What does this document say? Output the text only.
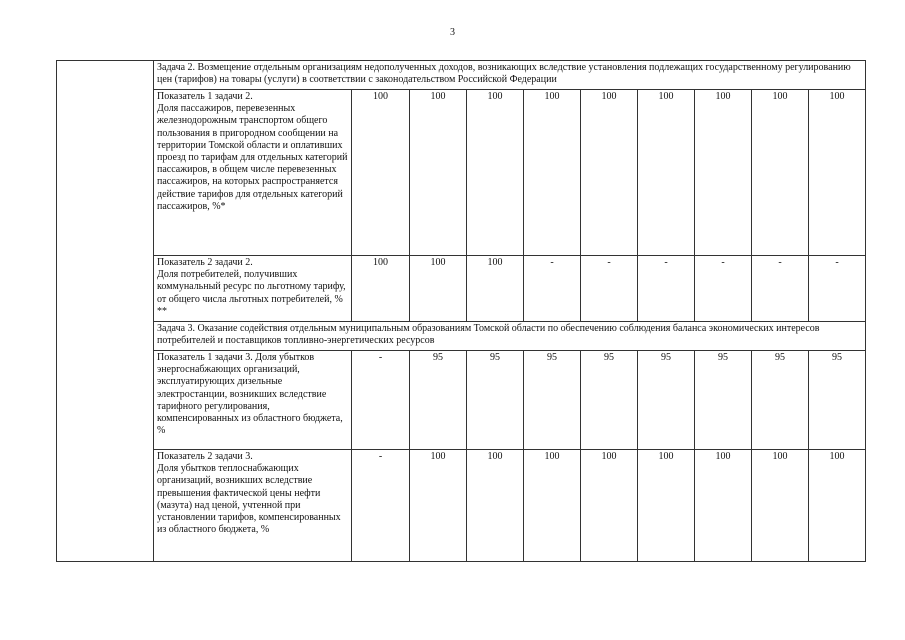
3
	Задача 2. Возмещение отдельным организациям недополученных доходов, возникающих вследствие установления подлежащих государственному регулированию цен (тарифов) на товары (услуги) в соответствии с законодательством Российской Федерации									

	Показатель 1 задачи 2.
Доля пассажиров, перевезенных железнодорожным транспортом общего пользования в пригородном сообщении на территории Томской области и оплативших проезд по тарифам для отдельных категорий пассажиров, в общем числе перевезенных пассажиров, на которых распространяется действие тарифов для отдельных категорий пассажиров, %*	100	100	100	100	100	100	100	100	100

	Показатель 2 задачи 2.
Доля потребителей, получивших коммунальный ресурс по льготному тарифу, от общего числа льготных потребителей, % **	100	100	100	-	-	-	-	-	-
	Задача 3. Оказание содействия отдельным муниципальным образованиям Томской области по обеспечению соблюдения баланса экономических интересов потребителей и поставщиков топливно-энергетических ресурсов									

	Показатель 1 задачи 3. Доля убытков энергоснабжающих организаций, эксплуатирующих дизельные электростанции, возникших вследствие тарифного регулирования, компенсированных из областного бюджета, %	-	95	95	95	95	95	95	95	95

	Показатель 2 задачи 3.
Доля убытков теплоснабжающих организаций, возникших вследствие превышения фактической цены нефти (мазута) над ценой, учтенной при установлении тарифов, компенсированных из областного бюджета, %	-	100	100	100	100	100	100	100	100
